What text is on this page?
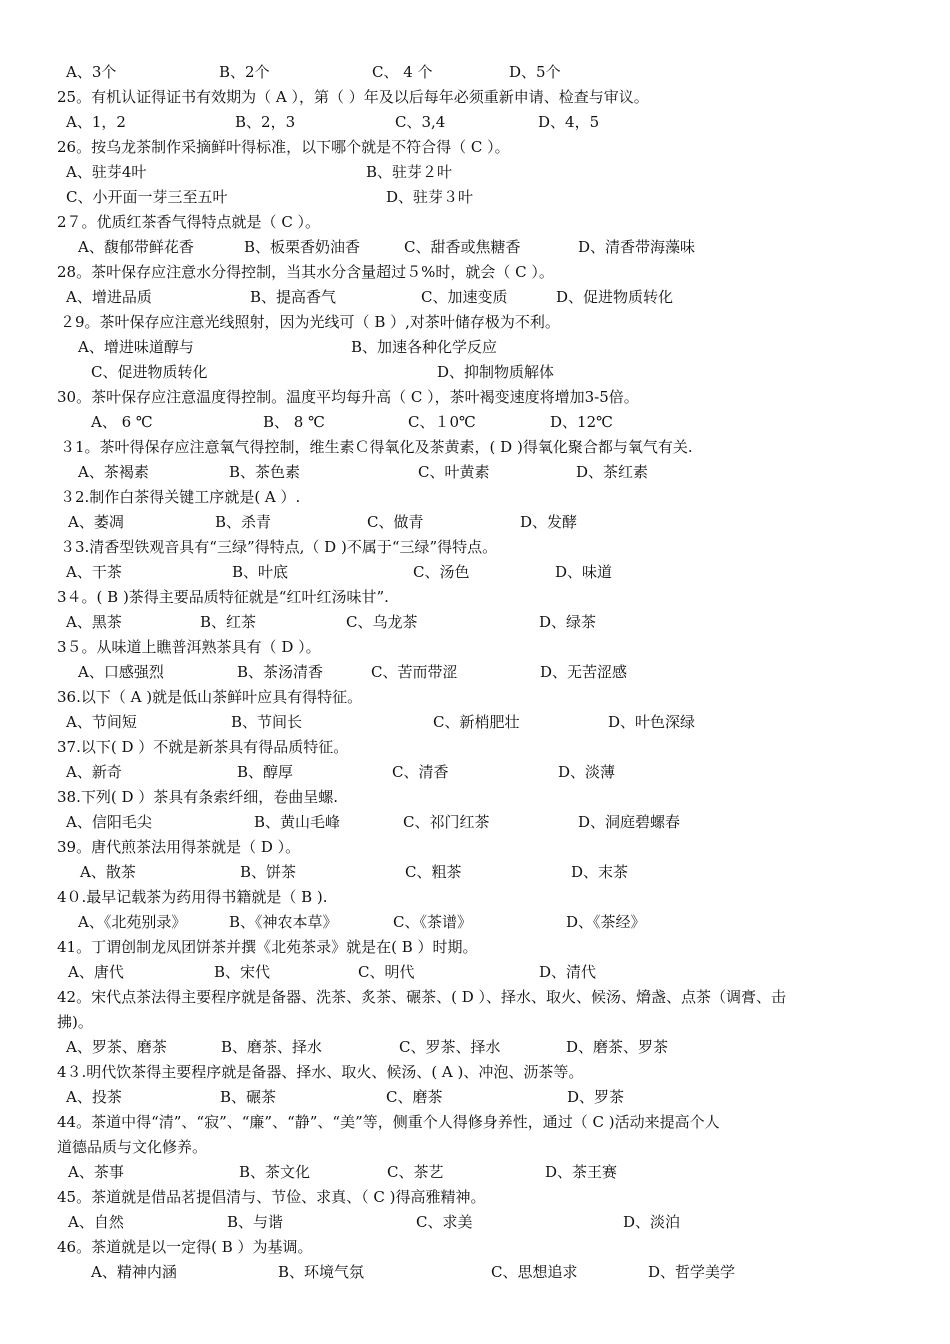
A、3个	B、2个	C、 4 个	D、5个
25。有机认证得证书有效期为（ A ），第（ ）年及以后每年必须重新申请、检查与审议。
A、1，2	B、2，3	C、3,4	D、4，5
26。按乌龙茶制作采摘鲜叶得标准，以下哪个就是不符合得（ C ）。
A、驻芽4叶	B、驻芽２叶
C、小开面一芽三至五叶	D、驻芽３叶
2７。优质红茶香气得特点就是（ C ）。
A、馥郁带鲜花香	B、板栗香奶油香	C、甜香或焦糖香	D、清香带海藻味
28。茶叶保存应注意水分得控制，当其水分含量超过５%时，就会（ C ）。
A、增进品质	B、提高香气	C、加速变质	D、促进物质转化
２9。茶叶保存应注意光线照射，因为光线可（ B ）,对茶叶储存极为不利。
A、增进味道醇与	B、加速各种化学反应
C、促进物质转化	D、抑制物质解体
30。茶叶保存应注意温度得控制。温度平均每升高（ C ），茶叶褐变速度将增加3-5倍。
A、 6 ℃	B、 8 ℃	C、１0℃	D、12℃
３1。茶叶得保存应注意氧气得控制，维生素Ｃ得氧化及茶黄素，( D )得氧化聚合都与氧气有关.
A、茶褐素	B、茶色素	C、叶黄素	D、茶红素
３2.制作白茶得关键工序就是( A ）.
A、萎凋	B、杀青	C、做青	D、发酵
３3.清香型铁观音具有“三绿”得特点,（ D )不属于“三绿”得特点。
A、干茶	B、叶底	C、汤色	D、味道
3４。( B )茶得主要品质特征就是“红叶红汤味甘”.
A、黑茶	B、红茶	C、乌龙茶	D、绿茶
3５。从味道上瞧普洱熟茶具有（ D ）。
A、口感强烈	B、茶汤清香	C、苦而带涩	D、无苦涩感
36.以下（ A )就是低山茶鲜叶应具有得特征。
A、节间短	B、节间长	C、新梢肥壮	D、叶色深绿
37.以下( D ）不就是新茶具有得品质特征。
A、新奇	B、醇厚	C、清香	D、淡薄
38.下列( D ）茶具有条索纤细，卷曲呈螺.
A、信阳毛尖	B、黄山毛峰	C、祁门红茶	D、洞庭碧螺春
39。唐代煎茶法用得茶就是（ D ）。
A、散茶	B、饼茶	C、粗茶	D、末茶
4０.最早记载茶为药用得书籍就是（ B ).
A、《北苑别录》	B、《神农本草》	C、《茶谱》	D、《茶经》
41。丁谓创制龙凤团饼茶并撰《北苑茶录》就是在( B ）时期。
A、唐代	B、宋代	C、明代	D、清代
42。宋代点茶法得主要程序就是备器、洗茶、炙茶、碾茶、( D ）、择水、取火、候汤、熁盏、点茶（调膏、击
拂)。
A、罗茶、磨茶	B、磨茶、择水	C、罗茶、择水	D、磨茶、罗茶
4３.明代饮茶得主要程序就是备器、择水、取火、候汤、( A )、冲泡、沥茶等。
A、投茶	B、碾茶	C、磨茶	D、罗茶
44。茶道中得“清”、“寂”、“廉”、“静”、“美”等，侧重个人得修身养性，通过（ C )活动来提高个人
道德品质与文化修养。
A、茶事	B、茶文化	C、茶艺	D、茶王赛
45。茶道就是借品茗提倡清与、节俭、求真、（ C )得高雅精神。
A、自然	B、与谐	C、求美	D、淡泊
46。茶道就是以一定得( B ）为基调。
A、精神内涵	B、环境气氛	C、思想追求	D、哲学美学
